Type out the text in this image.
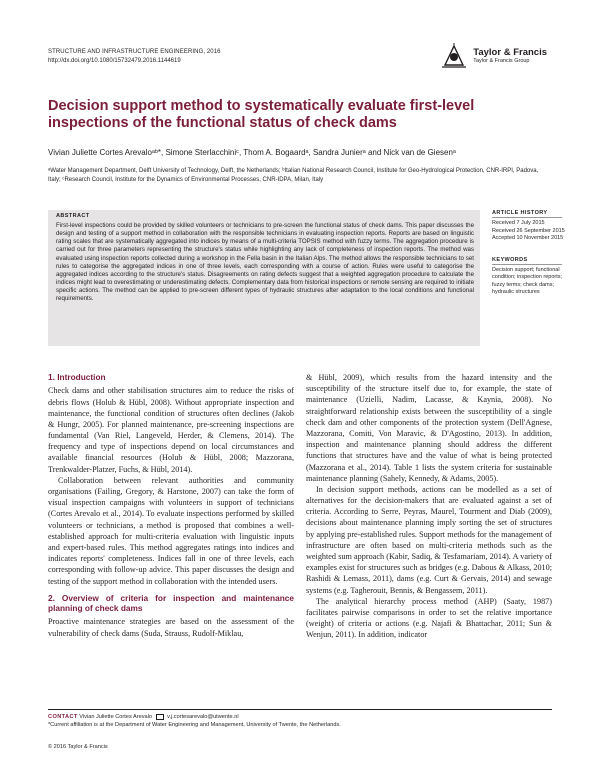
STRUCTURE AND INFRASTRUCTURE ENGINEERING, 2016
http://dx.doi.org/10.1080/15732479.2016.1144619
Taylor & Francis
Taylor & Francis Group
Decision support method to systematically evaluate first-level inspections of the functional status of check dams
Vivian Juliette Cortes Arevaloᵃᵇ*, Simone Sterlacchiniᶜ, Thom A. Bogaardᵃ, Sandra Junierᵃ and Nick van de Giesenᵃ
ᵃWater Management Department, Delft University of Technology, Delft, the Netherlands; ᵇItalian National Research Council, Institute for Geo-Hydrological Protection, CNR-IRPI, Padova, Italy; ᶜResearch Council, Institute for the Dynamics of Environmental Processes, CNR-IDPA, Milan, Italy
ABSTRACT
First-level inspections could be provided by skilled volunteers or technicians to pre-screen the functional status of check dams. This paper discusses the design and testing of a support method in collaboration with the responsible technicians in evaluating inspection reports. Reports are based on linguistic rating scales that are systematically aggregated into indices by means of a multi-criteria TOPSIS method with fuzzy terms. The aggregation procedure is carried out for three parameters representing the structure's status while highlighting any lack of completeness of inspection reports. The method was evaluated using inspection reports collected during a workshop in the Fella basin in the Italian Alps. The method allows the responsible technicians to set rules to categorise the aggregated indices in one of three levels, each corresponding with a course of action. Rules were useful to categorise the aggregated indices according to the structure's status. Disagreements on rating defects suggest that a weighted aggregation procedure to calculate the indices might lead to overestimating or underestimating defects. Complementary data from historical inspections or remote sensing are required to initiate specific actions. The method can be applied to pre-screen different types of hydraulic structures after adaptation to the local conditions and functional requirements.
ARTICLE HISTORY
Received 7 July 2015
Received 26 September 2015
Accepted 10 November 2015
KEYWORDS
Decision support; functional condition; inspection reports; fuzzy terms; check dams; hydraulic structures
1. Introduction

Check dams and other stabilisation structures aim to reduce the risks of debris flows (Holub & Hübl, 2008). Without appropriate inspection and maintenance, the functional condition of structures often declines (Jakob & Hungr, 2005). For planned maintenance, pre-screening inspections are fundamental (Van Riel, Langeveld, Herder, & Clemens, 2014). The frequency and type of inspections depend on local circumstances and available financial resources (Holub & Hübl, 2008; Mazzorana, Trenkwalder-Platzer, Fuchs, & Hübl, 2014).

Collaboration between relevant authorities and community organisations (Failing, Gregory, & Harstone, 2007) can take the form of visual inspection campaigns with volunteers in support of technicians (Cortes Arevalo et al., 2014). To evaluate inspections performed by skilled volunteers or technicians, a method is proposed that combines a well-established approach for multi-criteria evaluation with linguistic inputs and expert-based rules. This method aggregates ratings into indices and indicates reports' completeness. Indices fall in one of three levels, each corresponding with follow-up advice. This paper discusses the design and testing of the support method in collaboration with the intended users.

2. Overview of criteria for inspection and maintenance planning of check dams

Proactive maintenance strategies are based on the assessment of the vulnerability of check dams (Suda, Strauss, Rudolf-Miklau,

& Hübl, 2009), which results from the hazard intensity and the susceptibility of the structure itself due to, for example, the state of maintenance (Uzielli, Nadim, Lacasse, & Kaynia, 2008). No straightforward relationship exists between the susceptibility of a single check dam and other components of the protection system (Dell'Agnese, Mazzorana, Comiti, Von Maravic, & D'Agostino, 2013). In addition, inspection and maintenance planning should address the different functions that structures have and the value of what is being protected (Mazzorana et al., 2014). Table 1 lists the system criteria for sustainable maintenance planning (Sahely, Kennedy, & Adams, 2005).

In decision support methods, actions can be modelled as a set of alternatives for the decision-makers that are evaluated against a set of criteria. According to Serre, Peyras, Maurel, Tourment and Diab (2009), decisions about maintenance planning imply sorting the set of structures by applying pre-established rules. Support methods for the management of infrastructure are often based on multi-criteria methods such as the weighted sum approach (Kabir, Sadiq, & Tesfamariam, 2014). A variety of examples exist for structures such as bridges (e.g. Dabous & Alkass, 2010; Rashidi & Lemass, 2011), dams (e.g. Curt & Gervais, 2014) and sewage systems (e.g. Tagherouit, Bennis, & Bengassem, 2011).

The analytical hierarchy process method (AHP) (Saaty, 1987) facilitates pairwise comparisons in order to set the relative importance (weight) of criteria or actions (e.g. Najafi & Bhattachar, 2011; Sun & Wenjun, 2011). In addition, indicator

CONTACT Vivian Juliette Cortes Arevalo	v.j.cortesarevalo@utwente.nl
*Current affiliation is at the Department of Water Engineering and Management, University of Twente, the Netherlands.
© 2016 Taylor & Francis
